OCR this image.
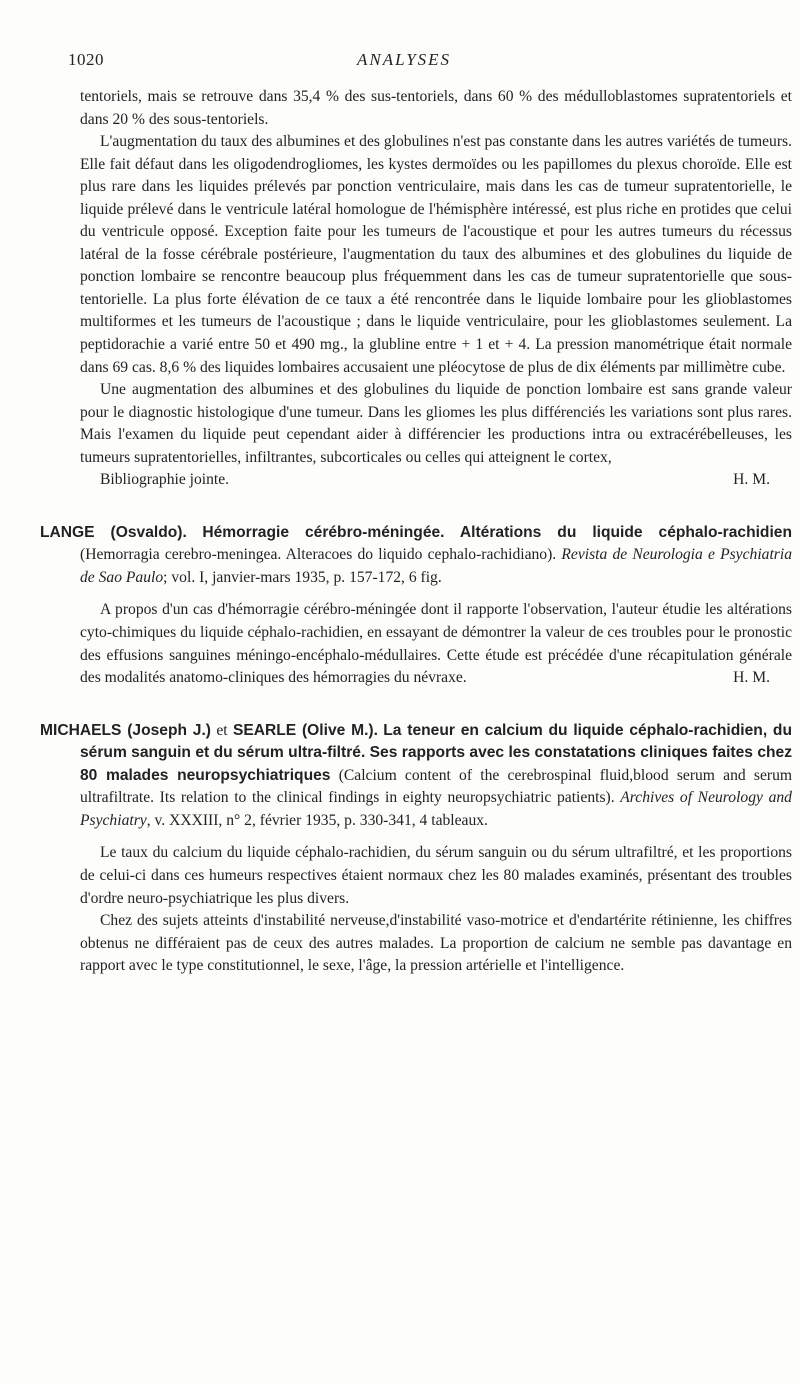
1020	ANALYSES

tentoriels, mais se retrouve dans 35,4 % des sus-tentoriels, dans 60 % des médulloblastomes supratentoriels et dans 20 % des sous-tentoriels.

L'augmentation du taux des albumines et des globulines n'est pas constante dans les autres variétés de tumeurs. Elle fait défaut dans les oligodendrogliomes, les kystes dermoïdes ou les papillomes du plexus choroïde. Elle est plus rare dans les liquides prélevés par ponction ventriculaire, mais dans les cas de tumeur supratentorielle, le liquide prélevé dans le ventricule latéral homologue de l'hémisphère intéressé, est plus riche en protides que celui du ventricule opposé. Exception faite pour les tumeurs de l'acoustique et pour les autres tumeurs du récessus latéral de la fosse cérébrale postérieure, l'augmentation du taux des albumines et des globulines du liquide de ponction lombaire se rencontre beaucoup plus fréquemment dans les cas de tumeur supratentorielle que sous-tentorielle. La plus forte élévation de ce taux a été rencontrée dans le liquide lombaire pour les glioblastomes multiformes et les tumeurs de l'acoustique ; dans le liquide ventriculaire, pour les glioblastomes seulement. La peptidorachie a varié entre 50 et 490 mg., la glubline entre + 1 et + 4. La pression manométrique était normale dans 69 cas. 8,6 % des liquides lombaires accusaient une pléocytose de plus de dix éléments par millimètre cube.

Une augmentation des albumines et des globulines du liquide de ponction lombaire est sans grande valeur pour le diagnostic histologique d'une tumeur. Dans les gliomes les plus différenciés les variations sont plus rares. Mais l'examen du liquide peut cependant aider à différencier les productions intra ou extracérébelleuses, les tumeurs supratentorielles, infiltrantes, subcorticales ou celles qui atteignent le cortex,

Bibliographie jointe.	H. M.

LANGE (Osvaldo). Hémorragie cérébro-méningée. Altérations du liquide céphalo-rachidien (Hemorragia cerebro-meningea. Alteracoes do liquido cephalo-rachidiano). Revista de Neurologia e Psychiatria de Sao Paulo; vol. I, janvier-mars 1935, p. 157-172, 6 fig.

A propos d'un cas d'hémorragie cérébro-méningée dont il rapporte l'observation, l'auteur étudie les altérations cyto-chimiques du liquide céphalo-rachidien, en essayant de démontrer la valeur de ces troubles pour le pronostic des effusions sanguines méningo-encéphalo-médullaires. Cette étude est précédée d'une récapitulation générale des modalités anatomo-cliniques des hémorragies du névraxe.	H. M.

MICHAELS (Joseph J.) et SEARLE (Olive M.). La teneur en calcium du liquide céphalo-rachidien, du sérum sanguin et du sérum ultra-filtré. Ses rapports avec les constatations cliniques faites chez 80 malades neuropsychiatriques (Calcium content of the cerebrospinal fluid,blood serum and serum ultrafiltrate. Its relation to the clinical findings in eighty neuropsychiatric patients). Archives of Neurology and Psychiatry, v. XXXIII, n° 2, février 1935, p. 330-341, 4 tableaux.

Le taux du calcium du liquide céphalo-rachidien, du sérum sanguin ou du sérum ultrafiltré, et les proportions de celui-ci dans ces humeurs respectives étaient normaux chez les 80 malades examinés, présentant des troubles d'ordre neuro-psychiatrique les plus divers.

Chez des sujets atteints d'instabilité nerveuse,d'instabilité vaso-motrice et d'endartérite rétinienne, les chiffres obtenus ne différaient pas de ceux des autres malades. La proportion de calcium ne semble pas davantage en rapport avec le type constitutionnel, le sexe, l'âge, la pression artérielle et l'intelligence.
